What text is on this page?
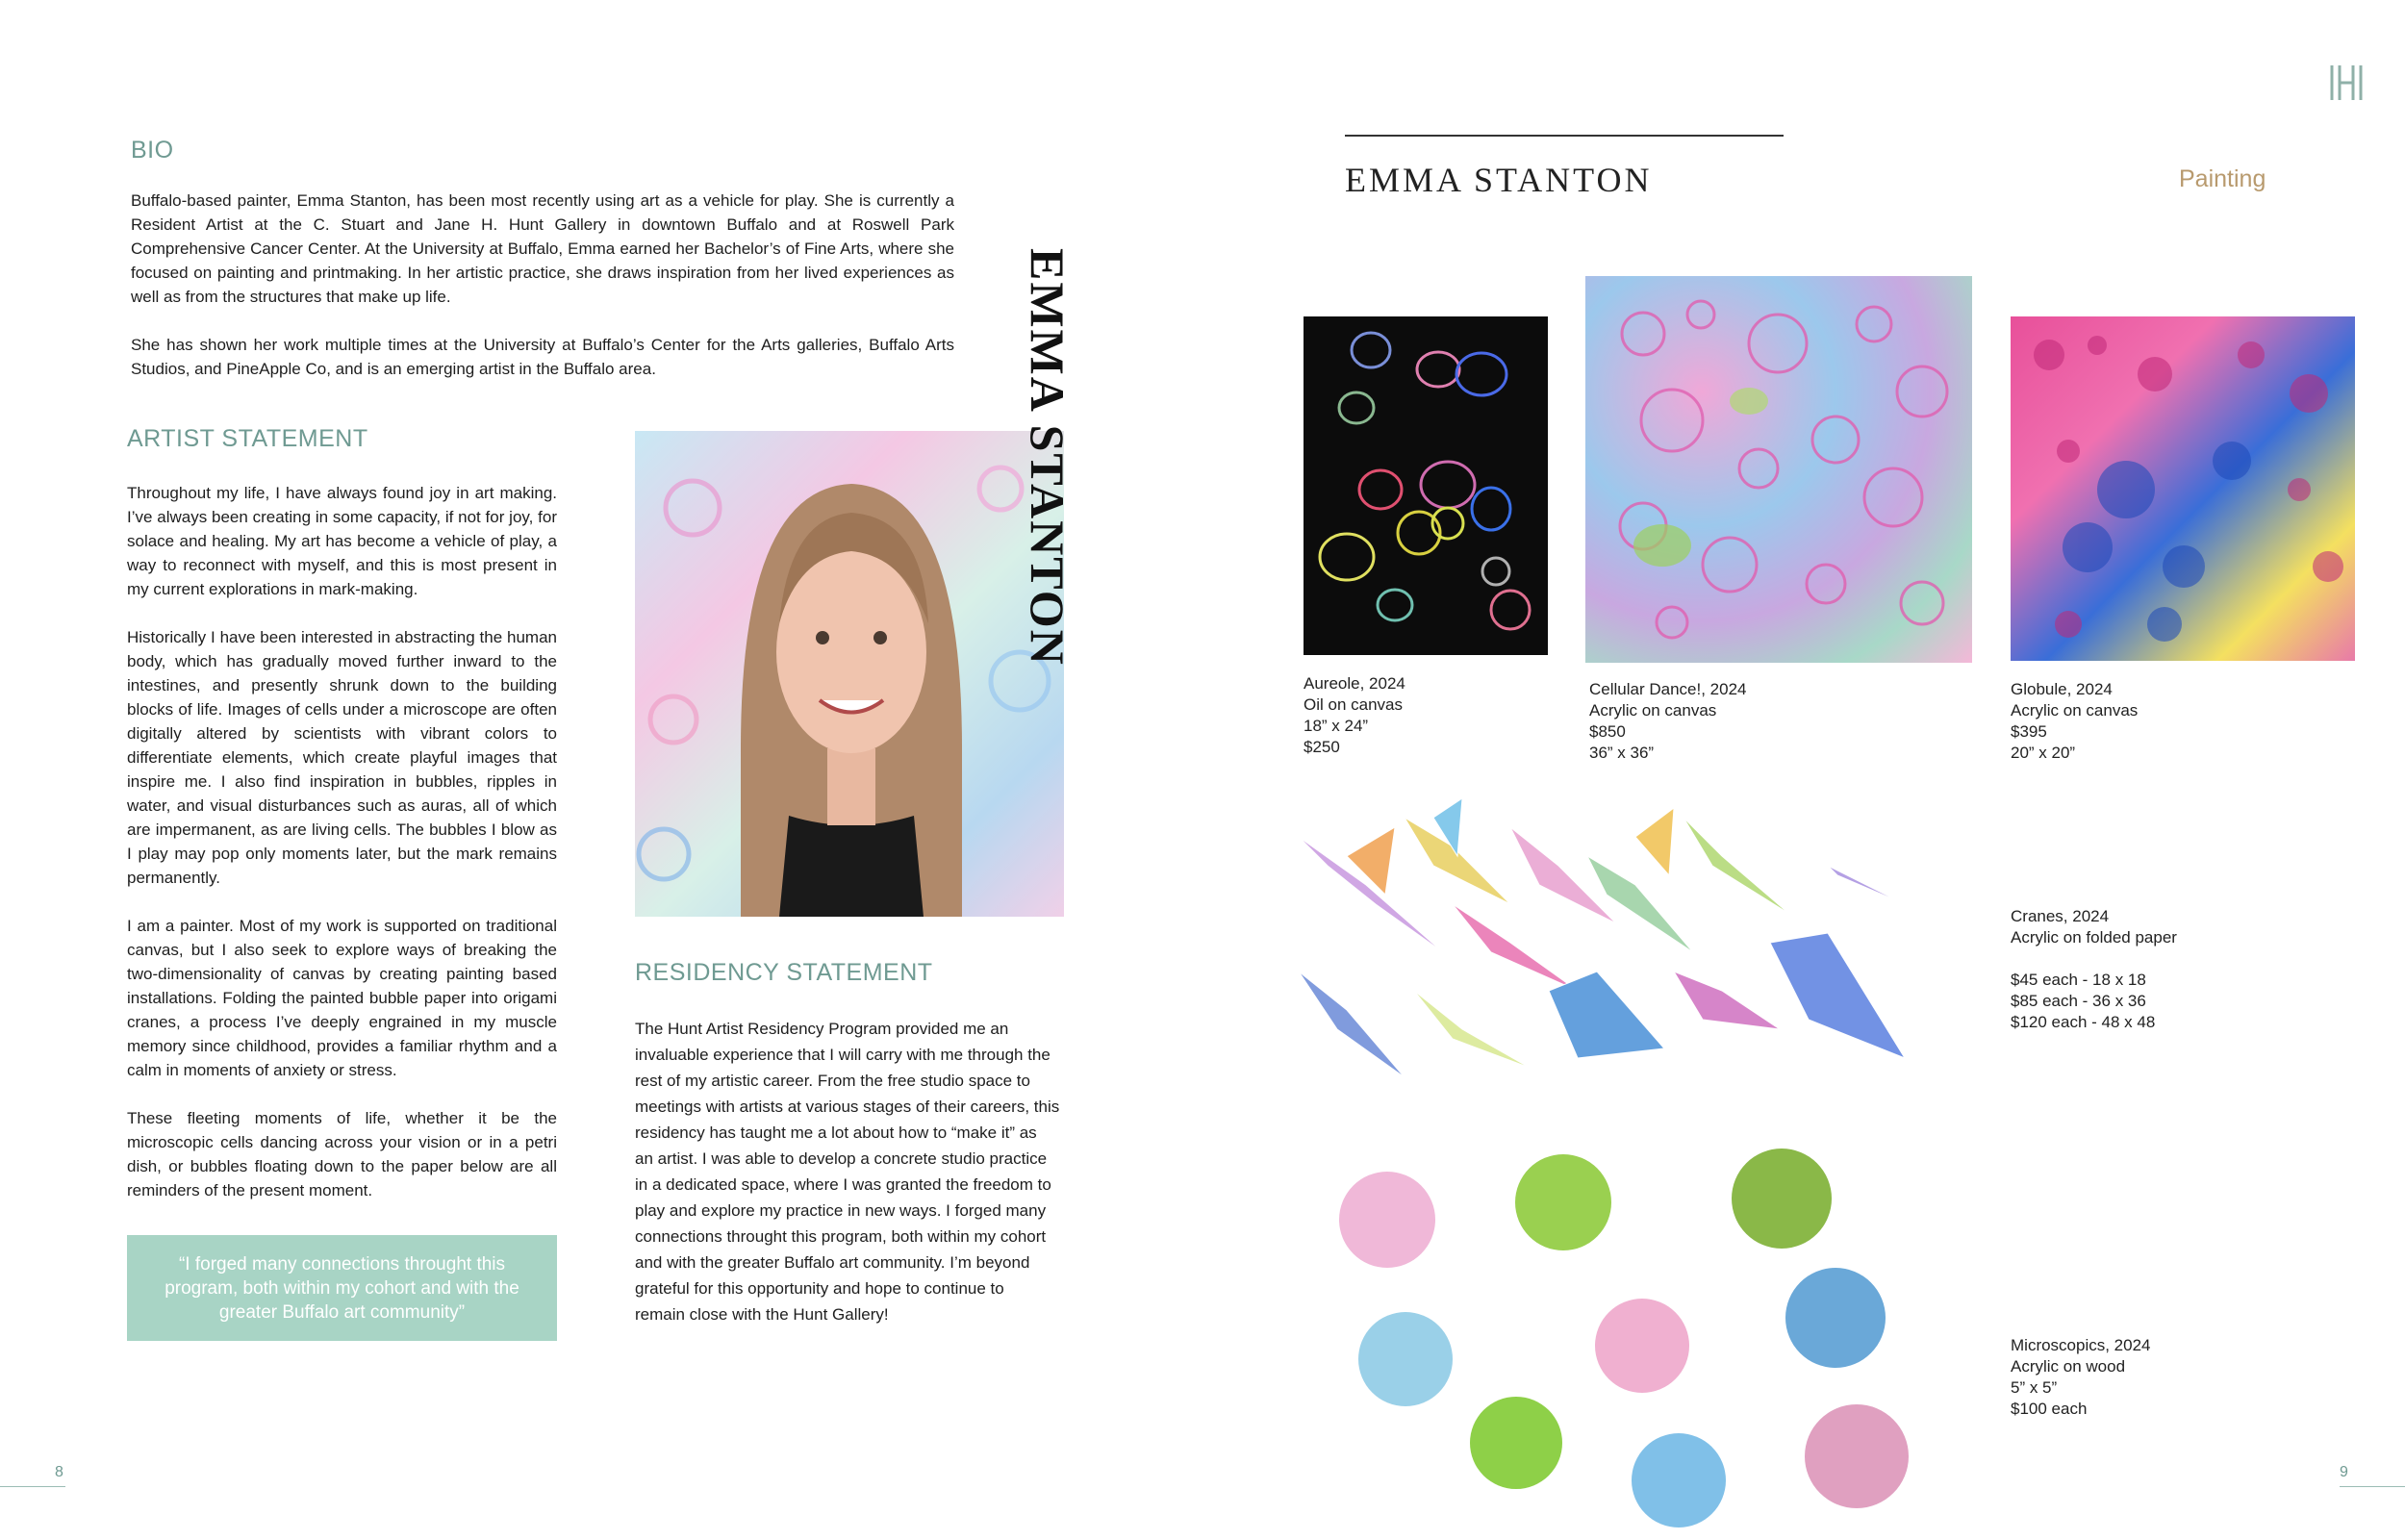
BIO

Buffalo-based painter, Emma Stanton, has been most recently using art as a vehicle for play. She is currently a Resident Artist at the C. Stuart and Jane H. Hunt Gallery in downtown Buffalo and at Roswell Park Comprehensive Cancer Center. At the University at Buffalo, Emma earned her Bachelor’s of Fine Arts, where she focused on painting and printmaking. In her artistic practice, she draws inspiration from her lived experiences as well as from the structures that make up life.

She has shown her work multiple times at the University at Buffalo’s Center for the Arts galleries, Buffalo Arts Studios, and PineApple Co, and is an emerging artist in the Buffalo area.

ARTIST STATEMENT

Throughout my life, I have always found joy in art making. I’ve always been creating in some capacity, if not for joy, for solace and healing. My art has become a vehicle of play, a way to reconnect with myself, and this is most present in my current explorations in mark-making.

Historically I have been interested in abstracting the human body, which has gradually moved further inward to the intestines, and presently shrunk down to the building blocks of life. Images of cells under a microscope are often digitally altered by scientists with vibrant colors to differentiate elements, which create playful images that inspire me. I also find inspiration in bubbles, ripples in water, and visual disturbances such as auras, all of which are impermanent, as are living cells. The bubbles I blow as I play may pop only moments later, but the mark remains permanently.

I am a painter. Most of my work is supported on traditional canvas, but I also seek to explore ways of breaking the two-dimensionality of canvas by creating painting based installations. Folding the painted bubble paper into origami cranes, a process I’ve deeply engrained in my muscle memory since childhood, provides a familiar rhythm and a calm in moments of anxiety or stress.

These fleeting moments of life, whether it be the microscopic cells dancing across your vision or in a petri dish, or bubbles floating down to the paper below are all reminders of the present moment.

“I forged many connections throught this program, both within my cohort and with the greater Buffalo art community”
EMMA STANTON
RESIDENCY STATEMENT

The Hunt Artist Residency Program provided me an

invaluable experience that I will carry with me through the

rest of my artistic career. From the free studio space to

meetings with artists at various stages of their careers, this

residency has taught me a lot about how to “make it” as

an artist. I was able to develop a concrete studio practice

in a dedicated space, where I was granted the freedom to

play and explore my practice in new ways. I forged many

connections throught this program, both within my cohort

and with the greater Buffalo art community. I’m beyond

grateful for this opportunity and hope to continue to

remain close with the Hunt Gallery!

8
EMMA STANTON	Painting
Aureole, 2024
Oil on canvas
18” x 24”
$250
Cellular Dance!, 2024
Acrylic on canvas
$850
36” x 36”
Globule, 2024
Acrylic on canvas
$395
20” x 20”
Cranes, 2024
Acrylic on folded paper
$45 each - 18 x 18
$85 each - 36 x 36
$120 each - 48 x 48
Microscopics, 2024
Acrylic on wood
5” x 5”
$100 each
9
